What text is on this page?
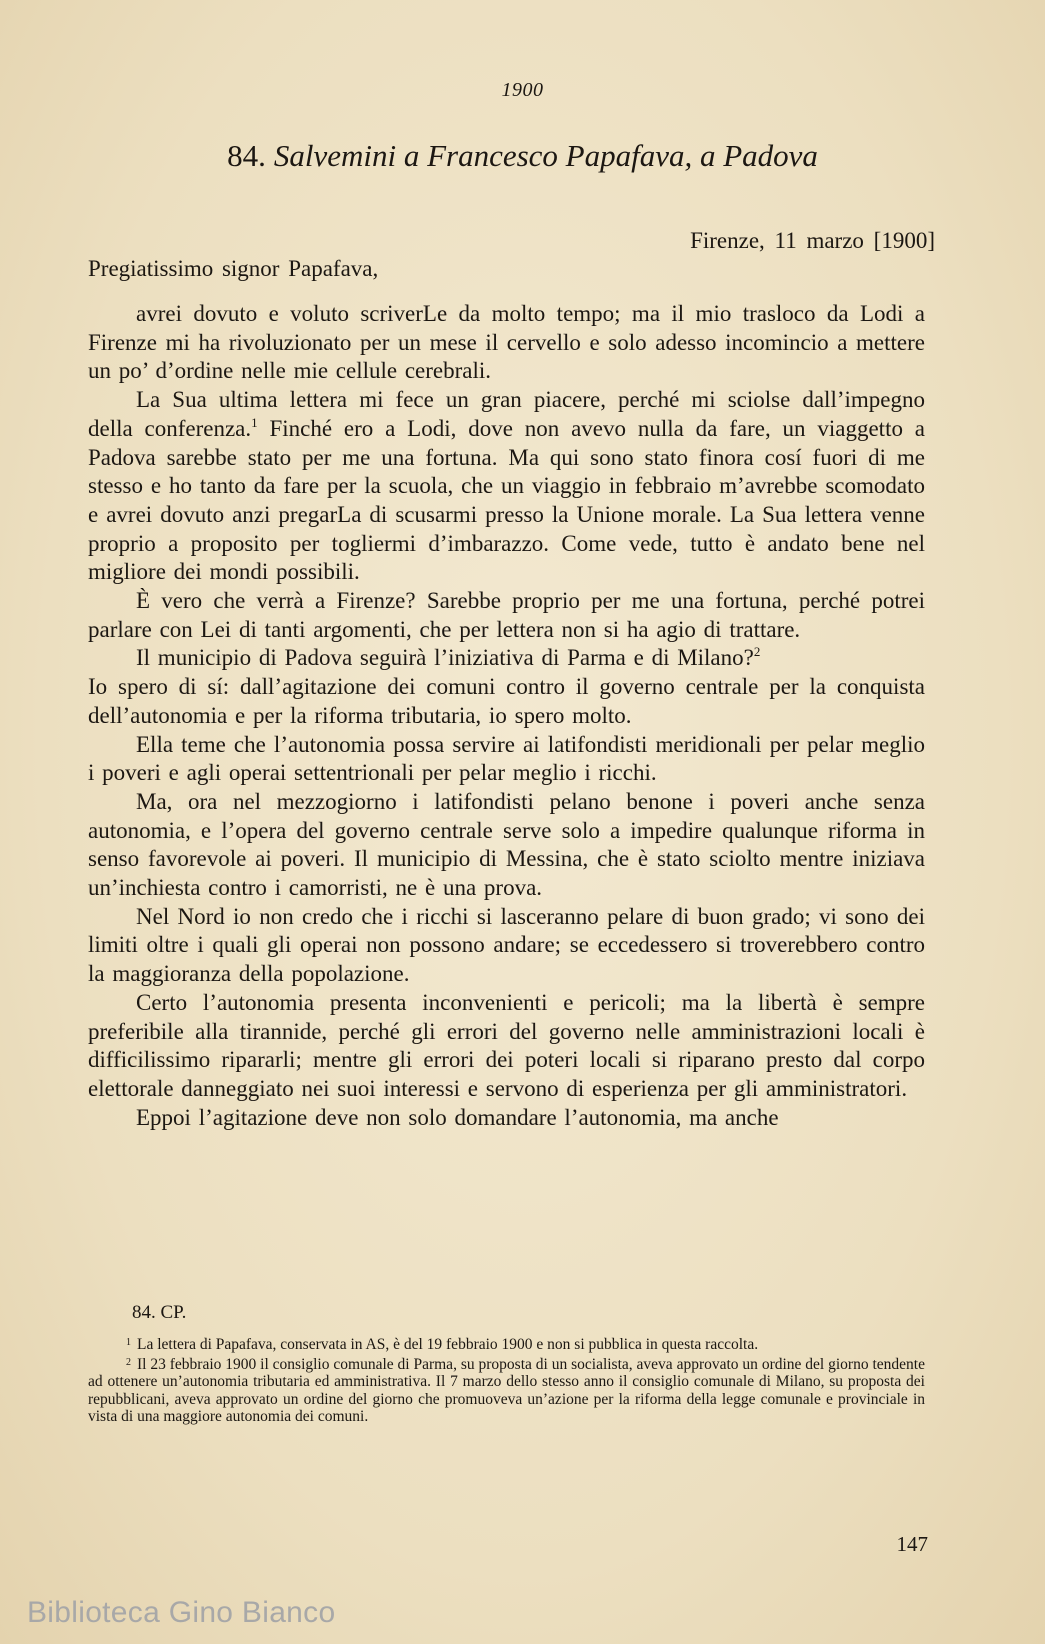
1900
84. Salvemini a Francesco Papafava, a Padova
Firenze, 11 marzo [1900]
Pregiatissimo signor Papafava,

avrei dovuto e voluto scriverLe da molto tempo; ma il mio trasloco da Lodi a Firenze mi ha rivoluzionato per un mese il cervello e solo adesso incomincio a mettere un po’ d’ordine nelle mie cellule cerebrali.

La Sua ultima lettera mi fece un gran piacere, perché mi sciolse dall’impegno della conferenza.$^1$ Finché ero a Lodi, dove non avevo nulla da fare, un viaggetto a Padova sarebbe stato per me una fortuna. Ma qui sono stato finora cosí fuori di me stesso e ho tanto da fare per la scuola, che un viaggio in febbraio m’avrebbe scomodato e avrei dovuto anzi pregarLa di scusarmi presso la Unione morale. La Sua lettera venne proprio a proposito per togliermi d’imbarazzo. Come vede, tutto è andato bene nel migliore dei mondi possibili.

È vero che verrà a Firenze? Sarebbe proprio per me una fortuna, perché potrei parlare con Lei di tanti argomenti, che per lettera non si ha agio di trattare.

Il municipio di Padova seguirà l’iniziativa di Parma e di Milano?$^2$

Io spero di sí: dall’agitazione dei comuni contro il governo centrale per la conquista dell’autonomia e per la riforma tributaria, io spero molto.

Ella teme che l’autonomia possa servire ai latifondisti meridionali per pelar meglio i poveri e agli operai settentrionali per pelar meglio i ricchi.

Ma, ora nel mezzogiorno i latifondisti pelano benone i poveri anche senza autonomia, e l’opera del governo centrale serve solo a impedire qualunque riforma in senso favorevole ai poveri. Il municipio di Messina, che è stato sciolto mentre iniziava un’inchiesta contro i camorristi, ne è una prova.

Nel Nord io non credo che i ricchi si lasceranno pelare di buon grado; vi sono dei limiti oltre i quali gli operai non possono andare; se eccedessero si troverebbero contro la maggioranza della popolazione.

Certo l’autonomia presenta inconvenienti e pericoli; ma la libertà è sempre preferibile alla tirannide, perché gli errori del governo nelle amministrazioni locali è difficilissimo ripararli; mentre gli errori dei poteri locali si riparano presto dal corpo elettorale danneggiato nei suoi interessi e servono di esperienza per gli amministratori.

Eppoi l’agitazione deve non solo domandare l’autonomia, ma anche

84. CP.

$^1$ La lettera di Papafava, conservata in AS, è del 19 febbraio 1900 e non si pubblica in questa raccolta.

$^2$ Il 23 febbraio 1900 il consiglio comunale di Parma, su proposta di un socialista, aveva approvato un ordine del giorno tendente ad ottenere un’autonomia tributaria ed amministrativa. Il 7 marzo dello stesso anno il consiglio comunale di Milano, su proposta dei repubblicani, aveva approvato un ordine del giorno che promuoveva un’azione per la riforma della legge comunale e provinciale in vista di una maggiore autonomia dei comuni.

147
Biblioteca Gino Bianco
